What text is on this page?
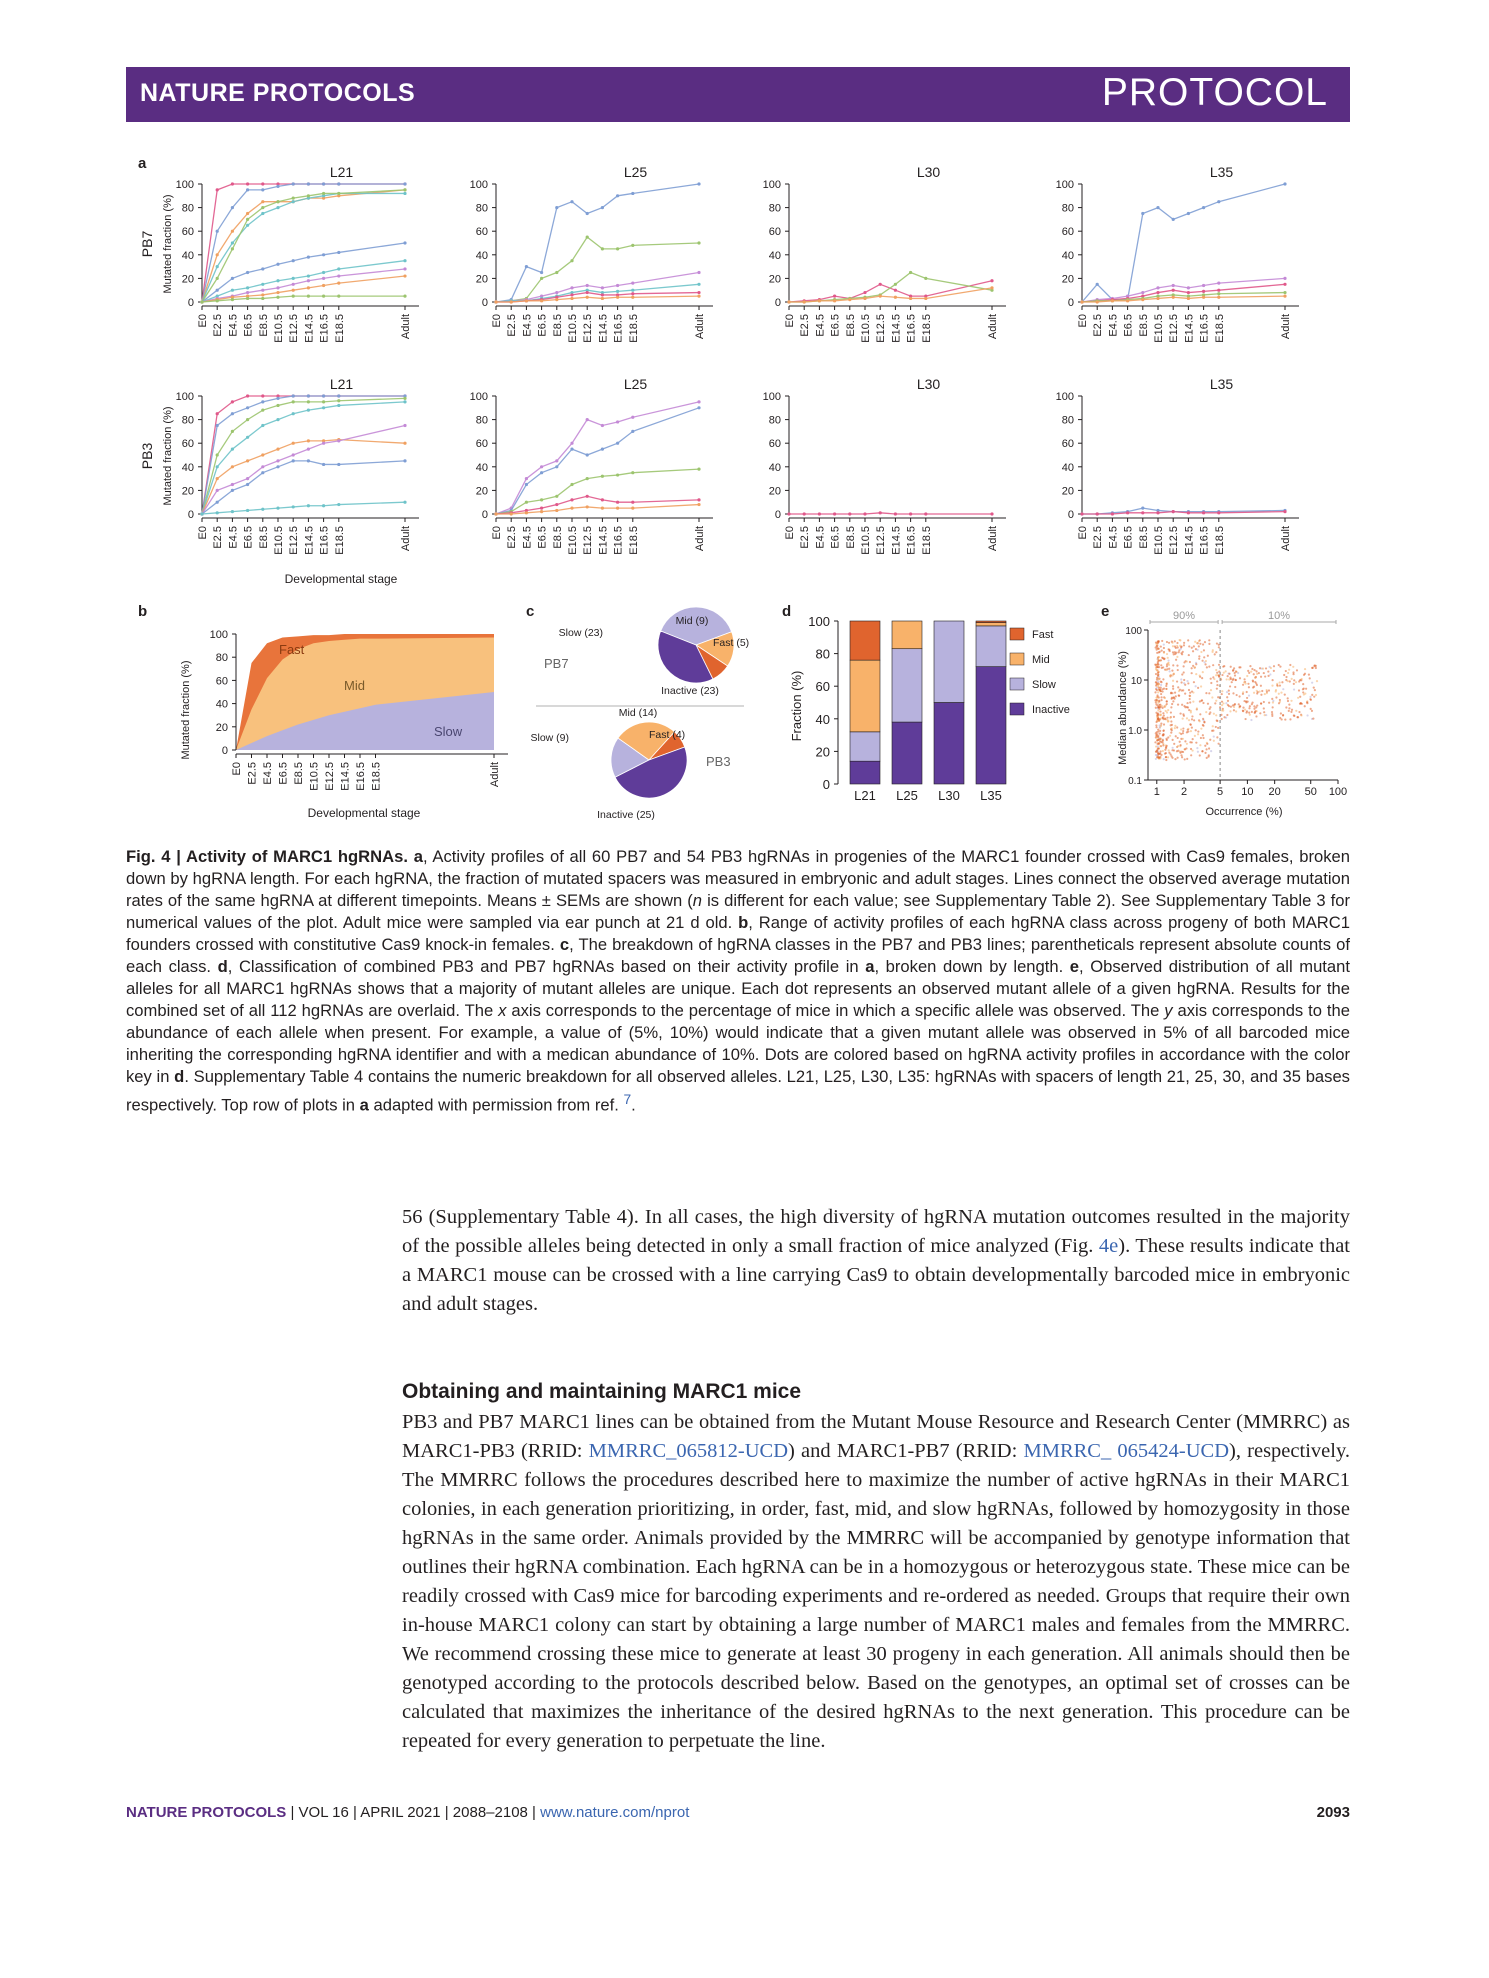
NATURE PROTOCOLS	PROTOCOL
a
b	c	d	e
L21
0
20
40
60
80
100
E0 E2.5 E4.5 E6.5 E8.5 E10.5 E12.5 E14.5 E16.5 E18.5	Adult
L25
0
20
40
60
80
100
E0 E2.5 E4.5 E6.5 E8.5 E10.5 E12.5 E14.5 E16.5 E18.5	Adult
L30
0
20
40
60
80
100
E0 E2.5 E4.5 E6.5 E8.5 E10.5 E12.5 E14.5 E16.5 E18.5	Adult
L35
0
20
40
60
80
100
E0 E2.5 E4.5 E6.5 E8.5 E10.5 E12.5 E14.5 E16.5 E18.5	Adult
L21
0
20
40
60
80
100
E0 E2.5 E4.5 E6.5 E8.5 E10.5 E12.5 E14.5 E16.5 E18.5	Adult
L25
0
20
40
60
80
100
E0 E2.5 E4.5 E6.5 E8.5 E10.5 E12.5 E14.5 E16.5 E18.5	Adult
L30
0
20
40
60
80
100
E0 E2.5 E4.5 E6.5 E8.5 E10.5 E12.5 E14.5 E16.5 E18.5	Adult
L35
0
20
40
60
80
100
E0 E2.5 E4.5 E6.5 E8.5 E10.5 E12.5 E14.5 E16.5 E18.5	Adult
PB7 Mutated fraction (%)
PB3 Mutated fraction (%)
Developmental stage
0
20
40
60
80
100
E0 E2.5 E4.5 E6.5 E8.5 E10.5 E12.5 E14.5 E16.5 E18.5	Adult
Fast
Mid
Slow
Mutated fraction (%)
Developmental stage
Inactive (23)
Slow (23)
Mid (9)
Fast (5)
Inactive (25)
Slow (9)
Mid (14)
Fast (4)
PB7
PB3
0
20
40
60
80
100
L21 L25 L30 L35
Fraction (%)
Fast
Mid
Slow
Inactive
0.1
1.0
10
100
1 2	5 10 20 50 100
90%	10%
Median abundance (%)
Occurrence (%)
Fig. 4 | Activity of MARC1 hgRNAs. a, Activity profiles of all 60 PB7 and 54 PB3 hgRNAs in progenies of the MARC1 founder crossed with Cas9 females, broken down by hgRNA length. For each hgRNA, the fraction of mutated spacers was measured in embryonic and adult stages. Lines connect the observed average mutation rates of the same hgRNA at different timepoints. Means ± SEMs are shown (n is different for each value; see Supplementary Table 2). See Supplementary Table 3 for numerical values of the plot. Adult mice were sampled via ear punch at 21 d old. b, Range of activity profiles of each hgRNA class across progeny of both MARC1 founders crossed with constitutive Cas9 knock-in females. c, The breakdown of hgRNA classes in the PB7 and PB3 lines; parentheticals represent absolute counts of each class. d, Classification of combined PB3 and PB7 hgRNAs based on their activity profile in a, broken down by length. e, Observed distribution of all mutant alleles for all MARC1 hgRNAs shows that a majority of mutant alleles are unique. Each dot represents an observed mutant allele of a given hgRNA. Results for the combined set of all 112 hgRNAs are overlaid. The x axis corresponds to the percentage of mice in which a specific allele was observed. The y axis corresponds to the abundance of each allele when present. For example, a value of (5%, 10%) would indicate that a given mutant allele was observed in 5% of all barcoded mice inheriting the corresponding hgRNA identifier and with a medican abundance of 10%. Dots are colored based on hgRNA activity profiles in accordance with the color key in d. Supplementary Table 4 contains the numeric breakdown for all observed alleles. L21, L25, L30, L35: hgRNAs with spacers of length 21, 25, 30, and 35 bases respectively. Top row of plots in a adapted with permission from ref. $^7$.
56 (Supplementary Table 4). In all cases, the high diversity of hgRNA mutation outcomes resulted in the majority of the possible alleles being detected in only a small fraction of mice analyzed (Fig. 4e). These results indicate that a MARC1 mouse can be crossed with a line carrying Cas9 to obtain developmentally barcoded mice in embryonic and adult stages.
Obtaining and maintaining MARC1 mice
PB3 and PB7 MARC1 lines can be obtained from the Mutant Mouse Resource and Research Center (MMRRC) as MARC1-PB3 (RRID: MMRRC_065812-UCD) and MARC1-PB7 (RRID: MMRRC_ 065424-UCD), respectively. The MMRRC follows the procedures described here to maximize the number of active hgRNAs in their MARC1 colonies, in each generation prioritizing, in order, fast, mid, and slow hgRNAs, followed by homozygosity in those hgRNAs in the same order. Animals provided by the MMRRC will be accompanied by genotype information that outlines their hgRNA combination. Each hgRNA can be in a homozygous or heterozygous state. These mice can be readily crossed with Cas9 mice for barcoding experiments and re-ordered as needed. Groups that require their own in-house MARC1 colony can start by obtaining a large number of MARC1 males and females from the MMRRC. We recommend crossing these mice to generate at least 30 progeny in each generation. All animals should then be genotyped according to the protocols described below. Based on the genotypes, an optimal set of crosses can be calculated that maximizes the inheritance of the desired hgRNAs to the next generation. This procedure can be repeated for every generation to perpetuate the line.
NATURE PROTOCOLS | VOL 16 | APRIL 2021 | 2088–2108 | www.nature.com/nprot	2093
